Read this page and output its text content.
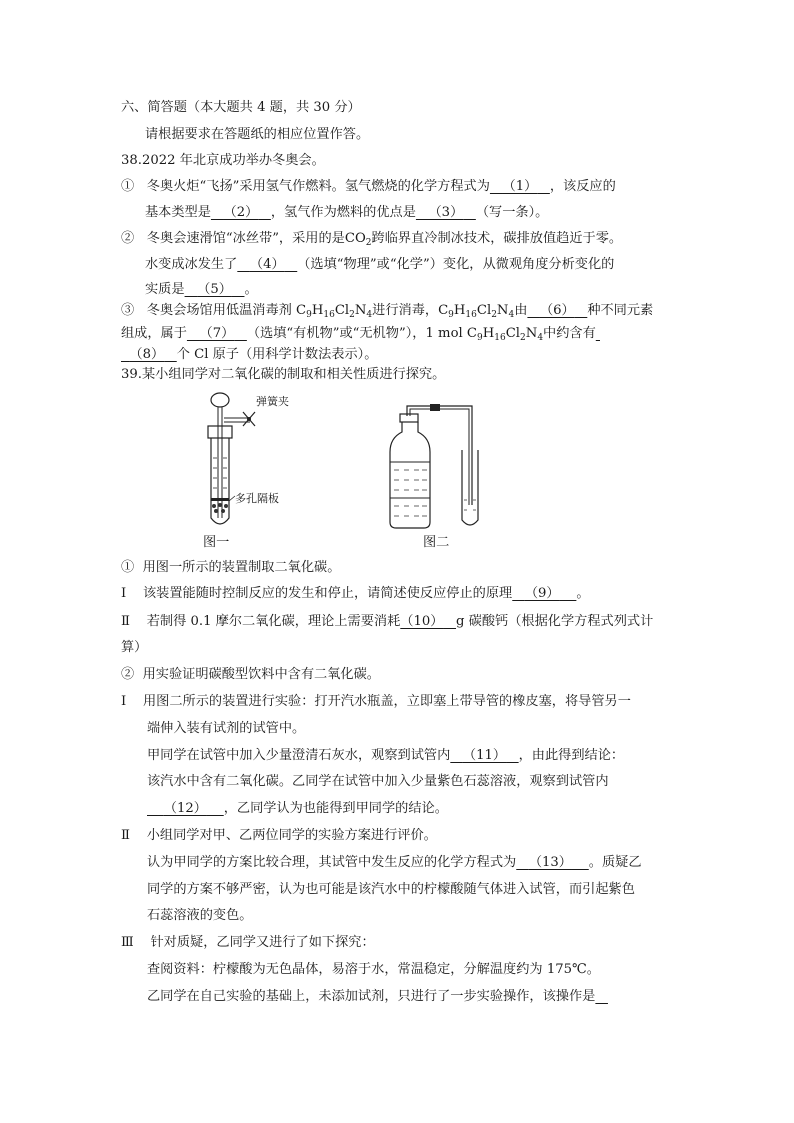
六、简答题（本大题共 4 题，共 30 分）
请根据要求在答题纸的相应位置作答。
38.2022 年北京成功举办冬奥会。
① 冬奥火炬“飞扬”采用氢气作燃料。氢气燃烧的化学方程式为 （1） ，该反应的
基本类型是 （2） ，氢气作为燃料的优点是 （3） （写一条）。
② 冬奥会速滑馆“冰丝带”，采用的是$CO_2$跨临界直冷制冰技术，碳排放值趋近于零。
水变成冰发生了 （4） （选填“物理”或“化学”）变化，从微观角度分析变化的
实质是 （5） 。
③ 冬奥会场馆用低温消毒剂 $C_9H_{16}Cl_2N_4$进行消毒，$C_9H_{16}Cl_2N_4$由 （6） 种不同元素
组成，属于 （7） （选填“有机物”或“无机物”），1 mol $C_9H_{16}Cl_2N_4$中约含有
（8） 个 Cl 原子（用科学计数法表示）。
39.某小组同学对二氧化碳的制取和相关性质进行探究。
弹簧夹
多孔隔板
图一	图二
① 用图一所示的装置制取二氧化碳。
Ⅰ 该装置能随时控制反应的发生和停止，请简述使反应停止的原理 （9） 。
Ⅱ 若制得 0.1 摩尔二氧化碳，理论上需要消耗（10） g 碳酸钙（根据化学方程式列式计
算）
② 用实验证明碳酸型饮料中含有二氧化碳。
Ⅰ 用图二所示的装置进行实验：打开汽水瓶盖，立即塞上带导管的橡皮塞，将导管另一
端伸入装有试剂的试管中。
甲同学在试管中加入少量澄清石灰水，观察到试管内 （11） ，由此得到结论：
该汽水中含有二氧化碳。乙同学在试管中加入少量紫色石蕊溶液，观察到试管内
（12） ，乙同学认为也能得到甲同学的结论。
Ⅱ 小组同学对甲、乙两位同学的实验方案进行评价。
认为甲同学的方案比较合理，其试管中发生反应的化学方程式为 （13） 。质疑乙
同学的方案不够严密，认为也可能是该汽水中的柠檬酸随气体进入试管，而引起紫色
石蕊溶液的变色。
Ⅲ 针对质疑，乙同学又进行了如下探究：
查阅资料：柠檬酸为无色晶体，易溶于水，常温稳定，分解温度约为 175℃。
乙同学在自己实验的基础上，未添加试剂，只进行了一步实验操作，该操作是
